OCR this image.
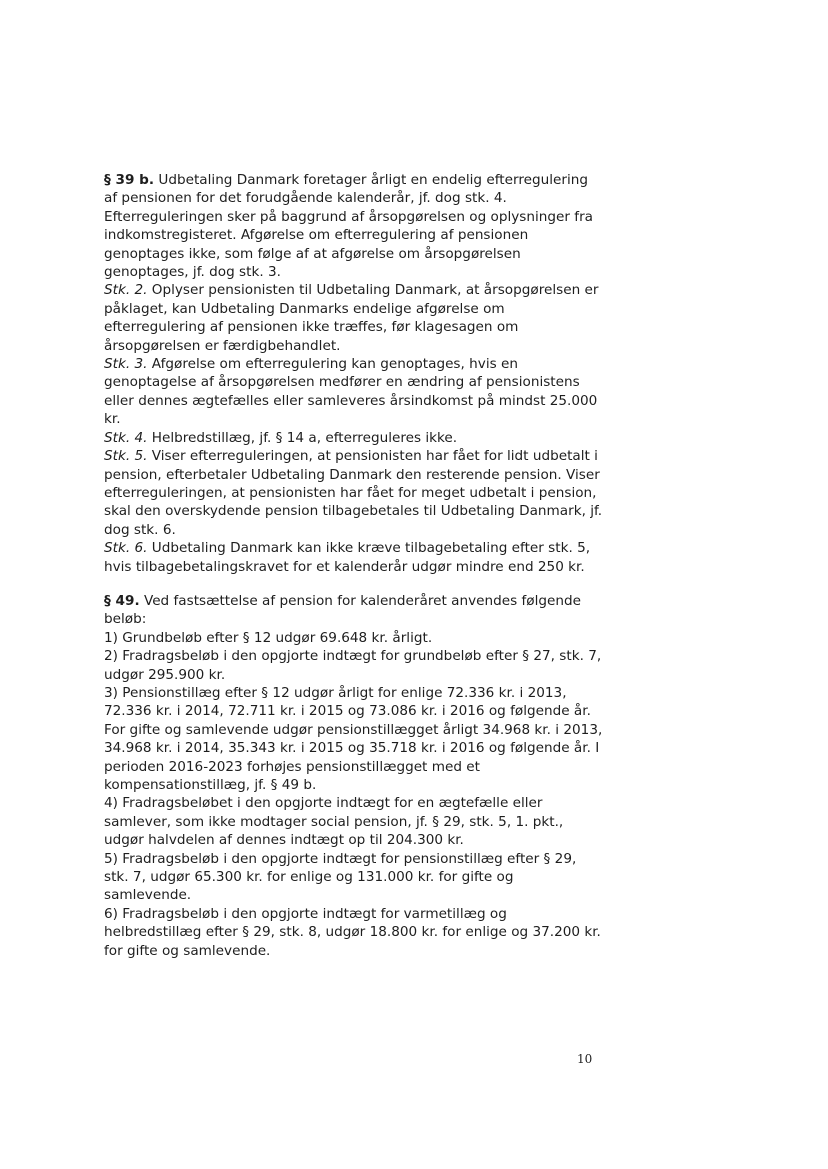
§ 39 b. Udbetaling Danmark foretager årligt en endelig efterregulering af pensionen for det forudgående kalenderår, jf. dog stk. 4. Efterreguleringen sker på baggrund af årsopgørelsen og oplysninger fra indkomstregisteret. Afgørelse om efterregulering af pensionen genoptages ikke, som følge af at afgørelse om årsopgørelsen genoptages, jf. dog stk. 3.

Stk. 2. Oplyser pensionisten til Udbetaling Danmark, at årsopgørelsen er påklaget, kan Udbetaling Danmarks endelige afgørelse om efterregulering af pensionen ikke træffes, før klagesagen om årsopgørelsen er færdigbehandlet.

Stk. 3. Afgørelse om efterregulering kan genoptages, hvis en genoptagelse af årsopgørelsen medfører en ændring af pensionistens eller dennes ægtefælles eller samleveres årsindkomst på mindst 25.000 kr.

Stk. 4. Helbredstillæg, jf. § 14 a, efterreguleres ikke.

Stk. 5. Viser efterreguleringen, at pensionisten har fået for lidt udbetalt i pension, efterbetaler Udbetaling Danmark den resterende pension. Viser efterreguleringen, at pensionisten har fået for meget udbetalt i pension, skal den overskydende pension tilbagebetales til Udbetaling Danmark, jf. dog stk. 6.

Stk. 6. Udbetaling Danmark kan ikke kræve tilbagebetaling efter stk. 5, hvis tilbagebetalingskravet for et kalenderår udgør mindre end 250 kr.

§ 49. Ved fastsættelse af pension for kalenderåret anvendes følgende beløb:

1) Grundbeløb efter § 12 udgør 69.648 kr. årligt.

2) Fradragsbeløb i den opgjorte indtægt for grundbeløb efter § 27, stk. 7, udgør 295.900 kr.

3) Pensionstillæg efter § 12 udgør årligt for enlige 72.336 kr. i 2013, 72.336 kr. i 2014, 72.711 kr. i 2015 og 73.086 kr. i 2016 og følgende år. For gifte og samlevende udgør pensionstillægget årligt 34.968 kr. i 2013, 34.968 kr. i 2014, 35.343 kr. i 2015 og 35.718 kr. i 2016 og følgende år. I perioden 2016-2023 forhøjes pensionstillægget med et kompensationstillæg, jf. § 49 b.

4) Fradragsbeløbet i den opgjorte indtægt for en ægtefælle eller samlever, som ikke modtager social pension, jf. § 29, stk. 5, 1. pkt., udgør halvdelen af dennes indtægt op til 204.300 kr.

5) Fradragsbeløb i den opgjorte indtægt for pensionstillæg efter § 29, stk. 7, udgør 65.300 kr. for enlige og 131.000 kr. for gifte og samlevende.

6) Fradragsbeløb i den opgjorte indtægt for varmetillæg og helbredstillæg efter § 29, stk. 8, udgør 18.800 kr. for enlige og 37.200 kr. for gifte og samlevende.

10
